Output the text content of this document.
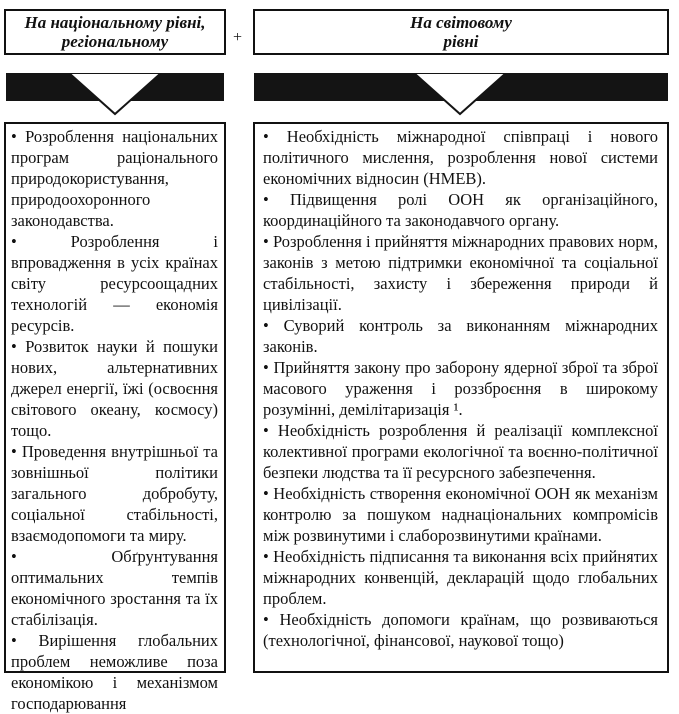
На національному рівні,
регіональному	+
На світовому
рівні
• Розроблення національних програм раціонального природокористування, природоохоронного законодавства.
• Розроблення і впровадження в усіх країнах світу ресурсоощадних технологій — економія ресурсів.
• Розвиток науки й пошуки нових, альтернативних джерел енергії, їжі (освоєння світового океану, космосу) тощо.
• Проведення внутрішньої та зовнішньої політики загального добробуту, соціальної стабільності, взаємодопомоги та миру.
• Обґрунтування оптимальних темпів економічного зростання та їх стабілізація.
• Вирішення глобальних проблем неможливе поза економікою і механізмом господарювання
• Необхідність міжнародної співпраці і нового політичного мислення, розроблення нової системи економічних відносин (НМЕВ).
• Підвищення ролі ООН як організаційного, координаційного та законодавчого органу.
• Розроблення і прийняття міжнародних правових норм, законів з метою підтримки економічної та соціальної стабільності, захисту і збереження природи й цивілізації.
• Суворий контроль за виконанням міжнародних законів.
• Прийняття закону про заборону ядерної зброї та зброї масового ураження і роззброєння в широкому розумінні, демілітаризація ¹.
• Необхідність розроблення й реалізації комплексної колективної програми екологічної та воєнно-політичної безпеки людства та її ресурсного забезпечення.
• Необхідність створення економічної ООН як механізм контролю за пошуком наднаціональних компромісів між розвинутими і слаборозвинутими країнами.
• Необхідність підписання та виконання всіх прийнятих міжнародних конвенцій, декларацій щодо глобальних проблем.
• Необхідність допомоги країнам, що розвиваються (технологічної, фінансової, наукової тощо)
